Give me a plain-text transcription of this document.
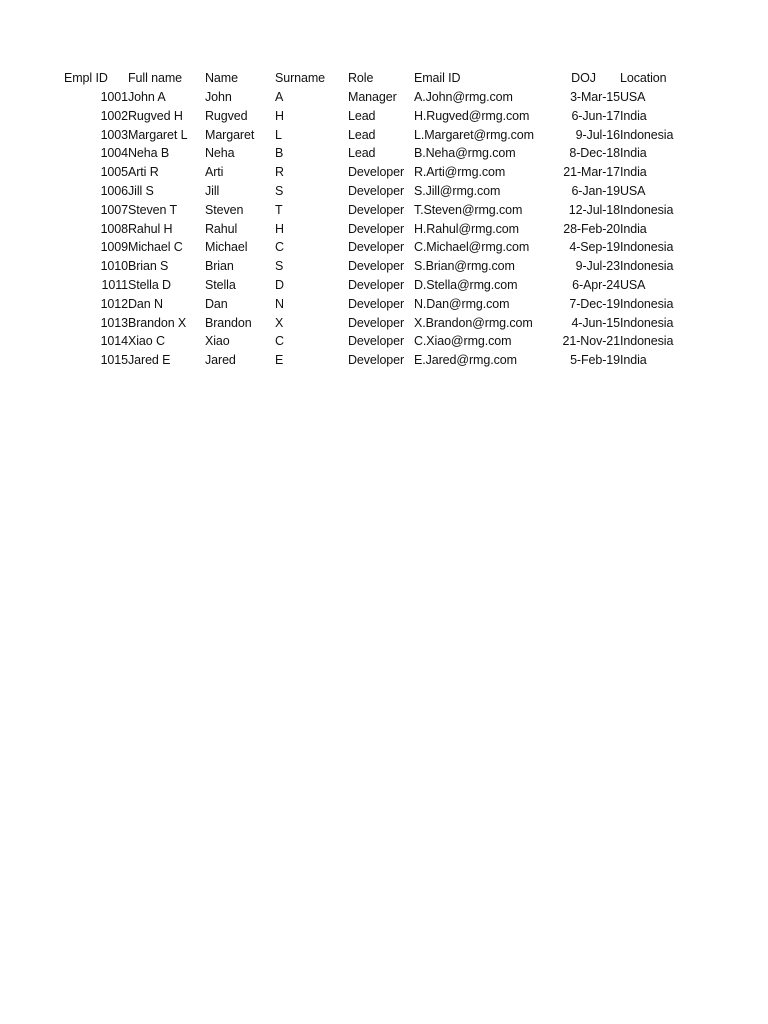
Empl ID	Full name	Name	Surname	Role	Email ID	DOJ	Location
1001	John A	John	A	Manager	A.John@rmg.com	3-Mar-15	USA
1002	Rugved H	Rugved	H	Lead	H.Rugved@rmg.com	6-Jun-17	India
1003	Margaret L	Margaret	L	Lead	L.Margaret@rmg.com	9-Jul-16	Indonesia
1004	Neha B	Neha	B	Lead	B.Neha@rmg.com	8-Dec-18	India
1005	Arti R	Arti	R	Developer	R.Arti@rmg.com	21-Mar-17	India
1006	Jill S	Jill	S	Developer	S.Jill@rmg.com	6-Jan-19	USA
1007	Steven T	Steven	T	Developer	T.Steven@rmg.com	12-Jul-18	Indonesia
1008	Rahul H	Rahul	H	Developer	H.Rahul@rmg.com	28-Feb-20	India
1009	Michael C	Michael	C	Developer	C.Michael@rmg.com	4-Sep-19	Indonesia
1010	Brian S	Brian	S	Developer	S.Brian@rmg.com	9-Jul-23	Indonesia
1011	Stella D	Stella	D	Developer	D.Stella@rmg.com	6-Apr-24	USA
1012	Dan N	Dan	N	Developer	N.Dan@rmg.com	7-Dec-19	Indonesia
1013	Brandon X	Brandon	X	Developer	X.Brandon@rmg.com	4-Jun-15	Indonesia
1014	Xiao C	Xiao	C	Developer	C.Xiao@rmg.com	21-Nov-21	Indonesia
1015	Jared E	Jared	E	Developer	E.Jared@rmg.com	5-Feb-19	India
